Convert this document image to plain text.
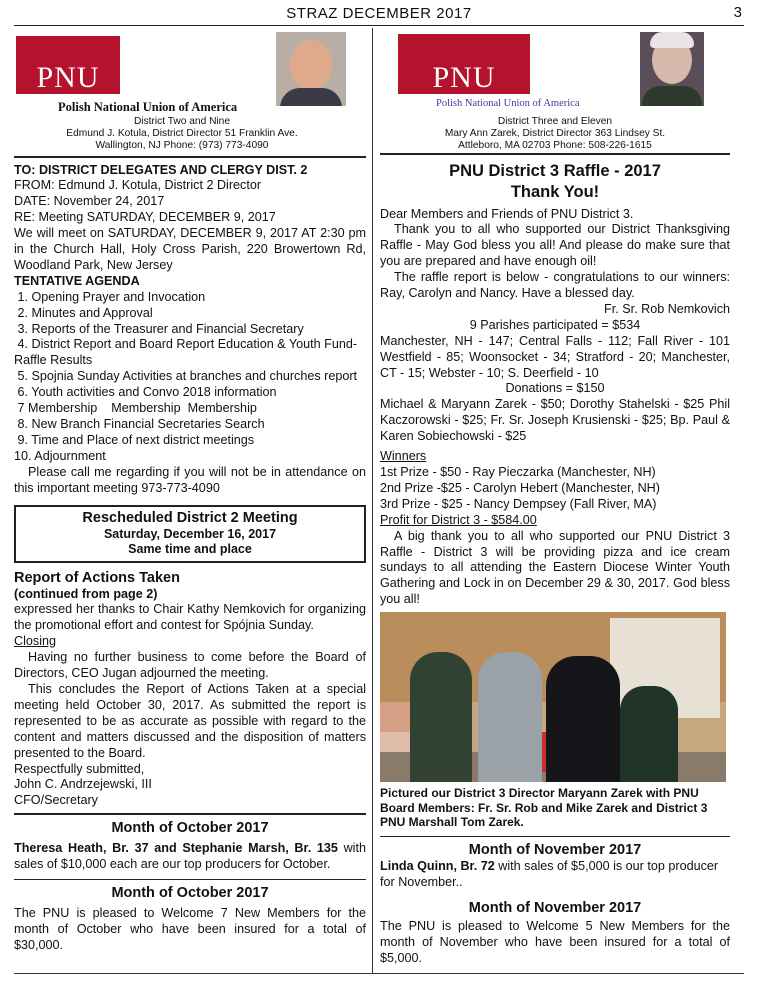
STRAZ DECEMBER 2017	3
PNU
Polish National Union of America
District Two and Nine
Edmund J. Kotula, District Director 51 Franklin Ave.
Wallington, NJ Phone: (973) 773-4090

TO: DISTRICT DELEGATES AND CLERGY DIST. 2

FROM: Edmund J. Kotula, District 2 Director

DATE: November 24, 2017

RE: Meeting SATURDAY, DECEMBER 9, 2017

We will meet on SATURDAY, DECEMBER 9, 2017 AT 2:30 pm in the Church Hall, Holy Cross Parish, 220 Browertown Rd, Woodland Park, New Jersey

TENTATIVE AGENDA

1. Opening Prayer and Invocation

2. Minutes and Approval

3. Reports of the Treasurer and Financial Secretary

4. District Report and Board Report Education & Youth Fund-Raffle Results

5. Spojnia Sunday Activities at branches and churches report

6. Youth activities and Convo 2018 information

7 Membership    Membership  Membership

8. New Branch Financial Secretaries Search

9. Time and Place of next district meetings

10. Adjournment

Please call me regarding if you will not be in attendance on this important meeting 973-773-4090

Rescheduled District 2 Meeting
Saturday, December 16, 2017
Same time and place

Report of Actions Taken

(continued from page 2)

expressed her thanks to Chair Kathy Nemkovich for organizing the promotional effort and contest for Spójnia Sunday.

Closing

Having no further business to come before the Board of Directors, CEO Jugan adjourned the meeting.

This concludes the Report of Actions Taken at a special meeting held October 30, 2017. As submitted the report is represented to be as accurate as possible with regard to the content and matters discussed and the disposition of matters presented to the Board.

Respectfully submitted,

John C. Andrzejewski, III

CFO/Secretary

Month of October 2017

Theresa Heath, Br. 37 and Stephanie Marsh, Br. 135 with sales of $10,000 each are our top producers for October.

Month of October 2017

The PNU is pleased to Welcome 7 New Members for the month of October who have been insured for a total of $30,000.

PNU
Polish National Union of America
District Three and Eleven
Mary Ann Zarek, District Director 363 Lindsey St.
Attleboro, MA 02703 Phone: 508-226-1615

PNU District 3 Raffle - 2017

Thank You!

Dear Members and Friends of PNU District 3.

Thank you to all who supported our District Thanksgiving Raffle - May God bless you all! And please do make sure that you are prepared and have enough oil!

The raffle report is below - congratulations to our winners: Ray, Carolyn and Nancy. Have a blessed day.

Fr. Sr. Rob Nemkovich

9 Parishes participated = $534

Manchester, NH - 147; Central Falls - 112; Fall River - 101 Westfield - 85; Woonsocket - 34; Stratford - 20; Manchester, CT - 15; Webster - 10; S. Deerfield - 10

Donations = $150

Michael & Maryann Zarek - $50; Dorothy Stahelski - $25 Phil Kaczorowski - $25; Fr. Sr. Joseph Krusienski - $25; Bp. Paul & Karen Sobiechowski - $25

Winners

1st Prize - $50 - Ray Pieczarka (Manchester, NH)

2nd Prize -$25 - Carolyn Hebert (Manchester, NH)

3rd Prize - $25 - Nancy Dempsey (Fall River, MA)

Profit for District 3 - $584.00

A big thank you to all who supported our PNU District 3 Raffle - District 3 will be providing pizza and ice cream sundays to all attending the Eastern Diocese Winter Youth Gathering and Lock in on December 29 & 30, 2017. God bless you all!

Pictured our District 3 Director Maryann Zarek with PNU Board Members: Fr. Sr. Rob and Mike Zarek and District 3 PNU Marshall Tom Zarek.

Month of November 2017

Linda Quinn, Br. 72 with sales of $5,000 is our top producer for November..

Month of November 2017

The PNU is pleased to Welcome 5 New Members for the month of November who have been insured for a total of $5,000.
